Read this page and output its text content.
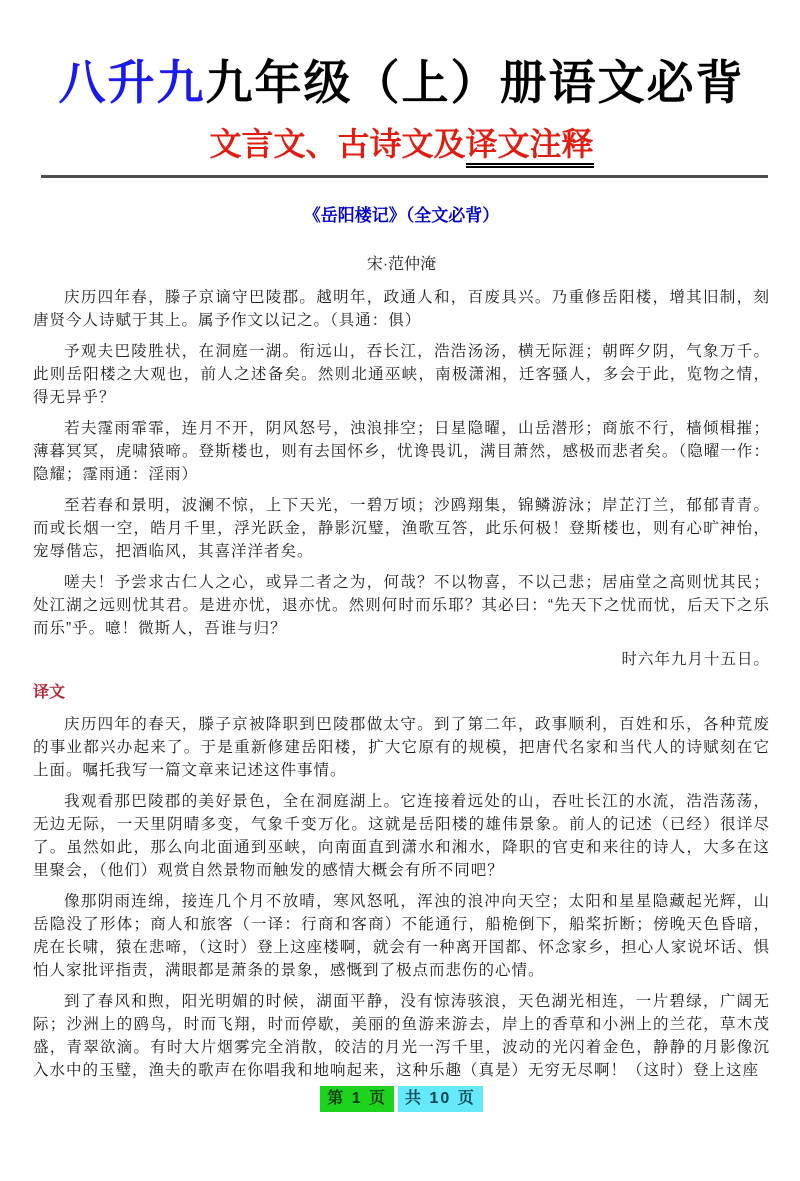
八升九九年级（上）册语文必背
文言文、古诗文及译文注释
《岳阳楼记》（全文必背）
宋·范仲淹

庆历四年春，滕子京谪守巴陵郡。越明年，政通人和，百废具兴。乃重修岳阳楼，增其旧制，刻唐贤今人诗赋于其上。属予作文以记之。（具通：俱）

予观夫巴陵胜状，在洞庭一湖。衔远山，吞长江，浩浩汤汤，横无际涯；朝晖夕阴，气象万千。此则岳阳楼之大观也，前人之述备矣。然则北通巫峡，南极潇湘，迁客骚人，多会于此，览物之情，得无异乎？

若夫霪雨霏霏，连月不开，阴风怒号，浊浪排空；日星隐曜，山岳潜形；商旅不行，樯倾楫摧；薄暮冥冥，虎啸猿啼。登斯楼也，则有去国怀乡，忧谗畏讥，满目萧然，感极而悲者矣。（隐曜一作：隐耀；霪雨通：淫雨）

至若春和景明，波澜不惊，上下天光，一碧万顷；沙鸥翔集，锦鳞游泳；岸芷汀兰，郁郁青青。而或长烟一空，皓月千里，浮光跃金，静影沉璧，渔歌互答，此乐何极！登斯楼也，则有心旷神怡，宠辱偕忘，把酒临风，其喜洋洋者矣。

嗟夫！予尝求古仁人之心，或异二者之为，何哉？不以物喜，不以己悲；居庙堂之高则忧其民；处江湖之远则忧其君。是进亦忧，退亦忧。然则何时而乐耶？其必曰：“先天下之忧而忧，后天下之乐而乐”乎。噫！微斯人，吾谁与归？

时六年九月十五日。

译文

庆历四年的春天，滕子京被降职到巴陵郡做太守。到了第二年，政事顺利，百姓和乐，各种荒废的事业都兴办起来了。于是重新修建岳阳楼，扩大它原有的规模，把唐代名家和当代人的诗赋刻在它上面。嘱托我写一篇文章来记述这件事情。

我观看那巴陵郡的美好景色，全在洞庭湖上。它连接着远处的山，吞吐长江的水流，浩浩荡荡，无边无际，一天里阴晴多变，气象千变万化。这就是岳阳楼的雄伟景象。前人的记述（已经）很详尽了。虽然如此，那么向北面通到巫峡，向南面直到潇水和湘水，降职的官吏和来往的诗人，大多在这里聚会，（他们）观赏自然景物而触发的感情大概会有所不同吧？

像那阴雨连绵，接连几个月不放晴，寒风怒吼，浑浊的浪冲向天空；太阳和星星隐藏起光辉，山岳隐没了形体；商人和旅客（一译：行商和客商）不能通行，船桅倒下，船桨折断；傍晚天色昏暗，虎在长啸，猿在悲啼，（这时）登上这座楼啊，就会有一种离开国都、怀念家乡，担心人家说坏话、惧怕人家批评指责，满眼都是萧条的景象，感慨到了极点而悲伤的心情。

到了春风和煦，阳光明媚的时候，湖面平静，没有惊涛骇浪，天色湖光相连，一片碧绿，广阔无际；沙洲上的鸥鸟，时而飞翔，时而停歇，美丽的鱼游来游去，岸上的香草和小洲上的兰花，草木茂盛，青翠欲滴。有时大片烟雾完全消散，皎洁的月光一泻千里，波动的光闪着金色，静静的月影像沉入水中的玉璧，渔夫的歌声在你唱我和地响起来，这种乐趣（真是）无穷无尽啊！（这时）登上这座

第 1 页 共 10 页
